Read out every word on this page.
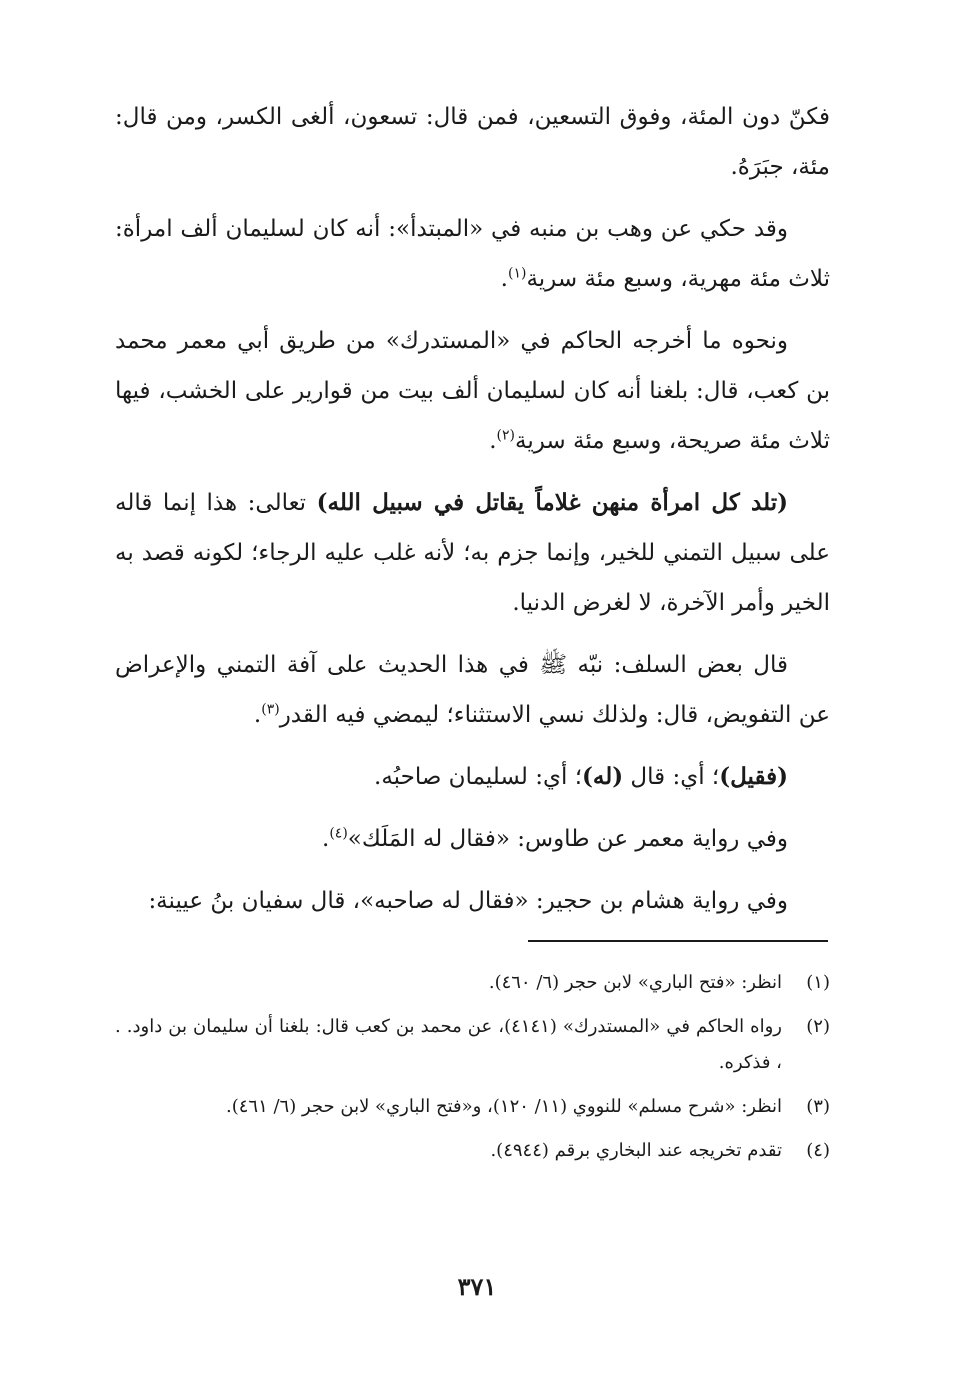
فكنّ دون المئة، وفوق التسعين، فمن قال: تسعون، ألغى الكسر، ومن قال: مئة، جبَرَهُ.

وقد حكي عن وهب بن منبه في «المبتدأ»: أنه كان لسليمان ألف امرأة: ثلاث مئة مهرية، وسبع مئة سرية$^{(١)}$.

ونحوه ما أخرجه الحاكم في «المستدرك» من طريق أبي معمر محمد بن كعب، قال: بلغنا أنه كان لسليمان ألف بيت من قوارير على الخشب، فيها ثلاث مئة صريحة، وسبع مئة سرية$^{(٢)}$.

(تلد كل امرأة منهن غلاماً يقاتل في سبيل الله) تعالى: هذا إنما قاله على سبيل التمني للخير، وإنما جزم به؛ لأنه غلب عليه الرجاء؛ لكونه قصد به الخير وأمر الآخرة، لا لغرض الدنيا.

قال بعض السلف: نبّه ﷺ في هذا الحديث على آفة التمني والإعراض عن التفويض، قال: ولذلك نسي الاستثناء؛ ليمضي فيه القدر$^{(٣)}$.

(فقيل)؛ أي: قال (له)؛ أي: لسليمان صاحبُه.

وفي رواية معمر عن طاوس: «فقال له المَلَك»$^{(٤)}$.

وفي رواية هشام بن حجير: «فقال له صاحبه»، قال سفيان بنُ عيينة:

(١)
انظر: «فتح الباري» لابن حجر (٦/ ٤٦٠).
(٢)
رواه الحاكم في «المستدرك» (٤١٤١)، عن محمد بن كعب قال: بلغنا أن سليمان بن داود. . ، فذكره.
(٣)
انظر: «شرح مسلم» للنووي (١١/ ١٢٠)، و«فتح الباري» لابن حجر (٦/ ٤٦١).
(٤)
تقدم تخريجه عند البخاري برقم (٤٩٤٤).
٣٧١
